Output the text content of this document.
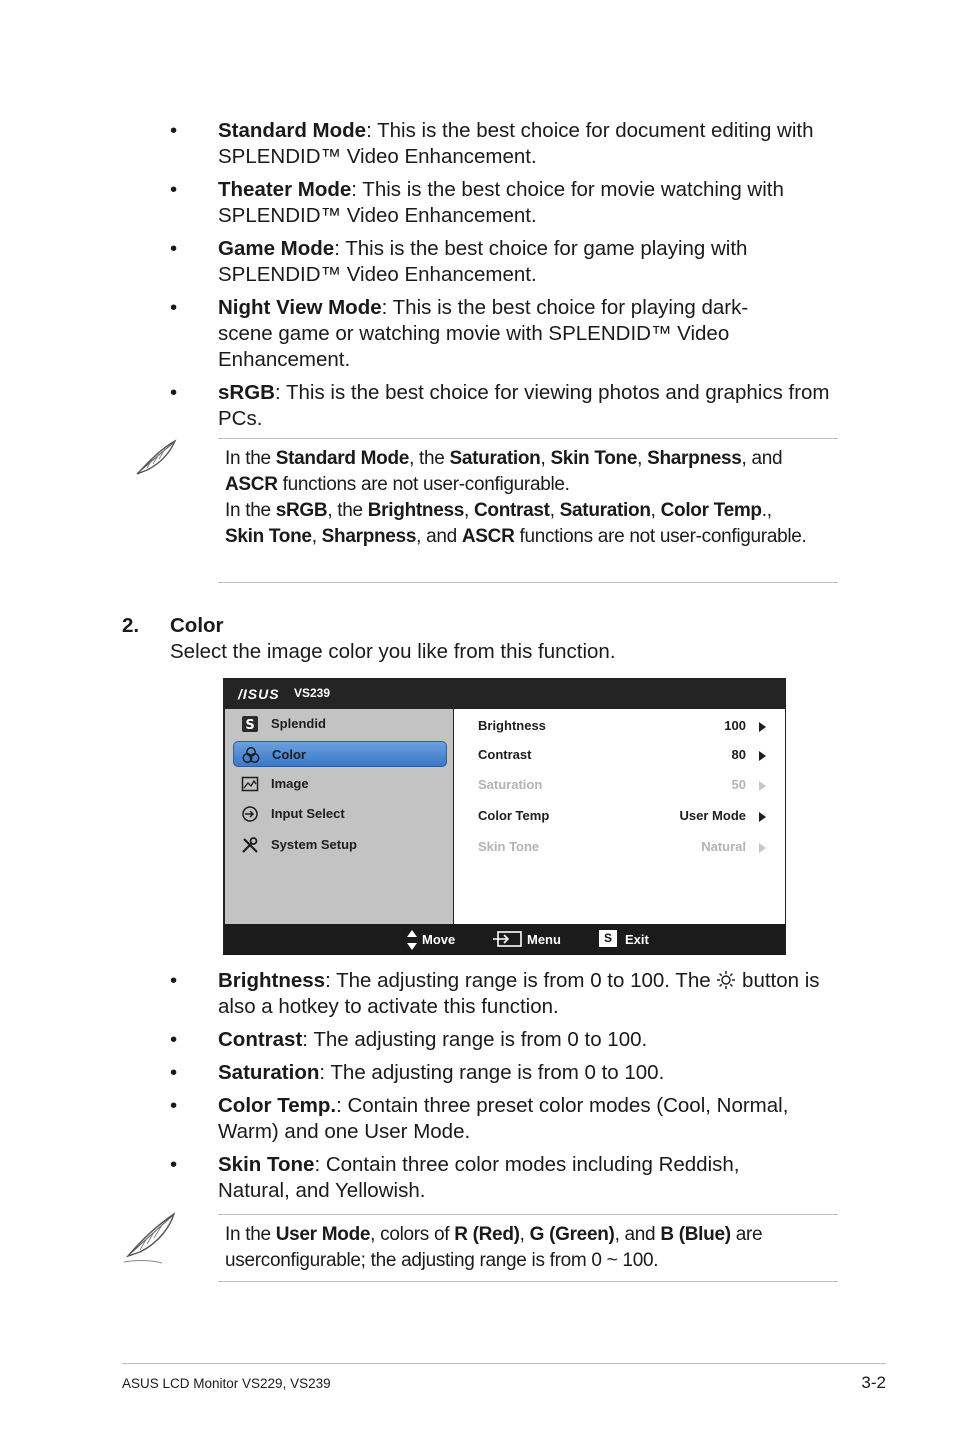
• Standard Mode: This is the best choice for document editing with SPLENDID™ Video Enhancement.
• Theater Mode: This is the best choice for movie watching with SPLENDID™ Video Enhancement.
• Game Mode: This is the best choice for game playing with SPLENDID™ Video Enhancement.
• Night View Mode: This is the best choice for playing dark-scene game or watching movie with SPLENDID™ Video Enhancement.
• sRGB: This is the best choice for viewing photos and graphics from PCs.
In the Standard Mode, the Saturation, Skin Tone, Sharpness, and ASCR functions are not user-configurable.
In the sRGB, the Brightness, Contrast, Saturation, Color Temp., Skin Tone, Sharpness, and ASCR functions are not user-configurable.
2. Color
Select the image color you like from this function.
/ISUS VS239
S Splendid
Color
Image
Input Select
System Setup
Brightness	100
Contrast	80
Saturation	50
Color Temp	User Mode
Skin Tone	Natural
Move	Menu	S	Exit
• Brightness: The adjusting range is from 0 to 100. The  button is also a hotkey to activate this function.
• Contrast: The adjusting range is from 0 to 100.
• Saturation: The adjusting range is from 0 to 100.
• Color Temp.: Contain three preset color modes (Cool, Normal, Warm) and one User Mode.
• Skin Tone: Contain three color modes including Reddish, Natural, and Yellowish.
In the User Mode, colors of R (Red), G (Green), and B (Blue) are userconfigurable; the adjusting range is from 0 ~ 100.
ASUS LCD Monitor VS229, VS239	3-2
